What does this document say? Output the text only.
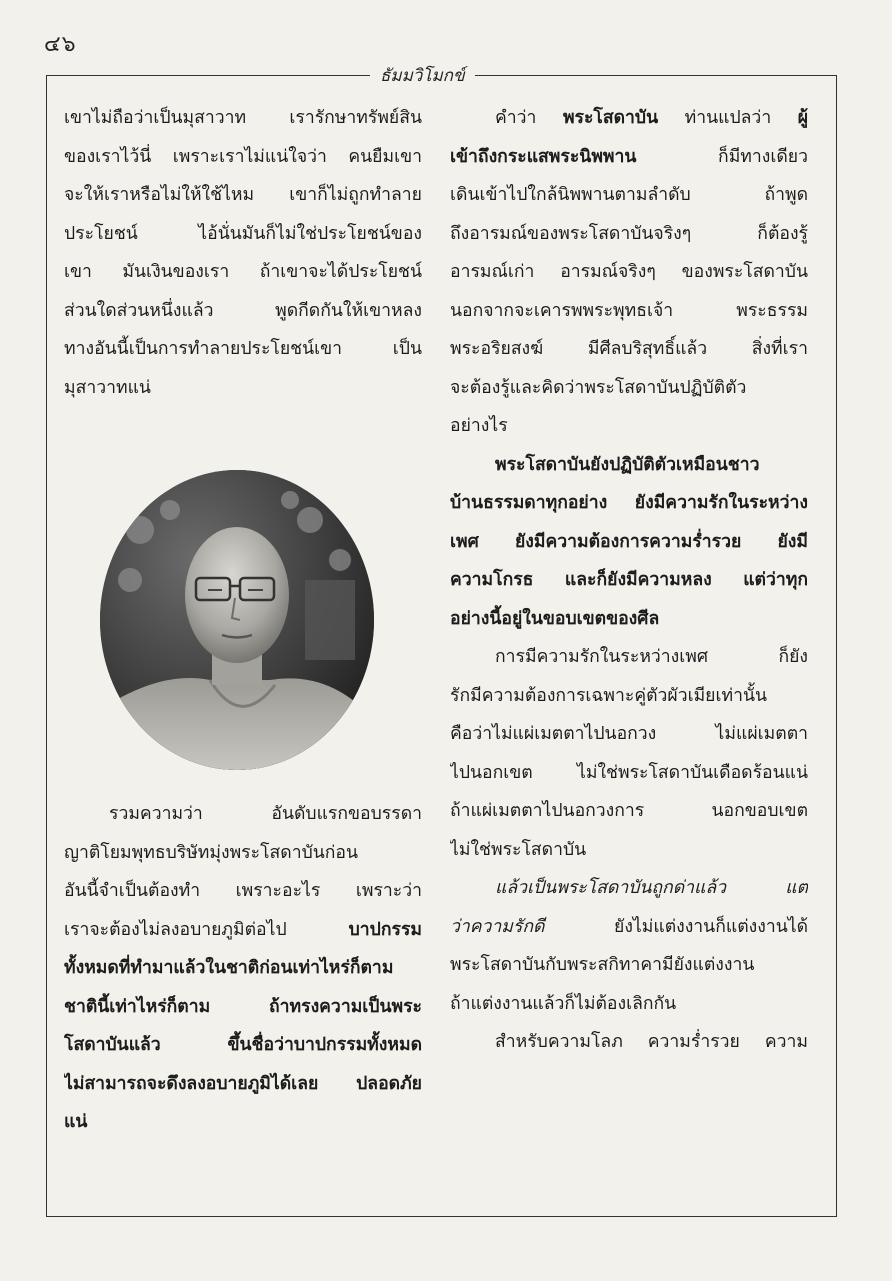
๔๖
ธัมมวิโมกข์
เขาไม่ถือว่าเป็นมุสาวาท เรารักษาทรัพย์สิน
ของเราไว้นี่ เพราะเราไม่แน่ใจว่า คนยืมเขา
จะให้เราหรือไม่ให้ใช้ไหม เขาก็ไม่ถูกทำลาย
ประโยชน์ ไอ้นั่นมันก็ไม่ใช่ประโยชน์ของ
เขา มันเงินของเรา ถ้าเขาจะได้ประโยชน์
ส่วนใดส่วนหนึ่งแล้ว พูดกีดกันให้เขาหลง
ทางอันนี้เป็นการทำลายประโยชน์เขา เป็น
มุสาวาทแน่
รวมความว่า อันดับแรกขอบรรดา
ญาติโยมพุทธบริษัทมุ่งพระโสดาบันก่อน
อันนี้จำเป็นต้องทำ เพราะอะไร เพราะว่า
เราจะต้องไม่ลงอบายภูมิต่อไป	บาปกรรม
ทั้งหมดที่ทำมาแล้วในชาติก่อนเท่าไหร่ก็ตาม
ชาตินี้เท่าไหร่ก็ตาม ถ้าทรงความเป็นพระ
โสดาบันแล้ว ขึ้นชื่อว่าบาปกรรมทั้งหมด
ไม่สามารถจะดึงลงอบายภูมิได้เลย ปลอดภัย
แน่
คำว่า พระโสดาบัน ท่านแปลว่า ผู้
เข้าถึงกระแสพระนิพพาน	ก็มีทางเดียว
เดินเข้าไปใกล้นิพพานตามลำดับ ถ้าพูด
ถึงอารมณ์ของพระโสดาบันจริงๆ ก็ต้องรู้
อารมณ์เก่า อารมณ์จริงๆ ของพระโสดาบัน
นอกจากจะเคารพพระพุทธเจ้า พระธรรม
พระอริยสงฆ์ มีศีลบริสุทธิ์แล้ว สิ่งที่เรา
จะต้องรู้และคิดว่าพระโสดาบันปฏิบัติตัว
อย่างไร
พระโสดาบันยังปฏิบัติตัวเหมือนชาว
บ้านธรรมดาทุกอย่าง ยังมีความรักในระหว่าง
เพศ ยังมีความต้องการความร่ำรวย ยังมี
ความโกรธ และก็ยังมีความหลง แต่ว่าทุก
อย่างนี้อยู่ในขอบเขตของศีล
การมีความรักในระหว่างเพศ ก็ยัง
รักมีความต้องการเฉพาะคู่ตัวผัวเมียเท่านั้น
คือว่าไม่แผ่เมตตาไปนอกวง ไม่แผ่เมตตา
ไปนอกเขต ไม่ใช่พระโสดาบันเดือดร้อนแน่
ถ้าแผ่เมตตาไปนอกวงการ นอกขอบเขต
ไม่ใช่พระโสดาบัน
แล้วเป็นพระโสดาบันถูกด่าแล้ว แต่
ว่าความรักดี	ยังไม่แต่งงานก็แต่งงานได้
พระโสดาบันกับพระสกิทาคามียังแต่งงาน
ถ้าแต่งงานแล้วก็ไม่ต้องเลิกกัน
สำหรับความโลภ ความร่ำรวย ความ
